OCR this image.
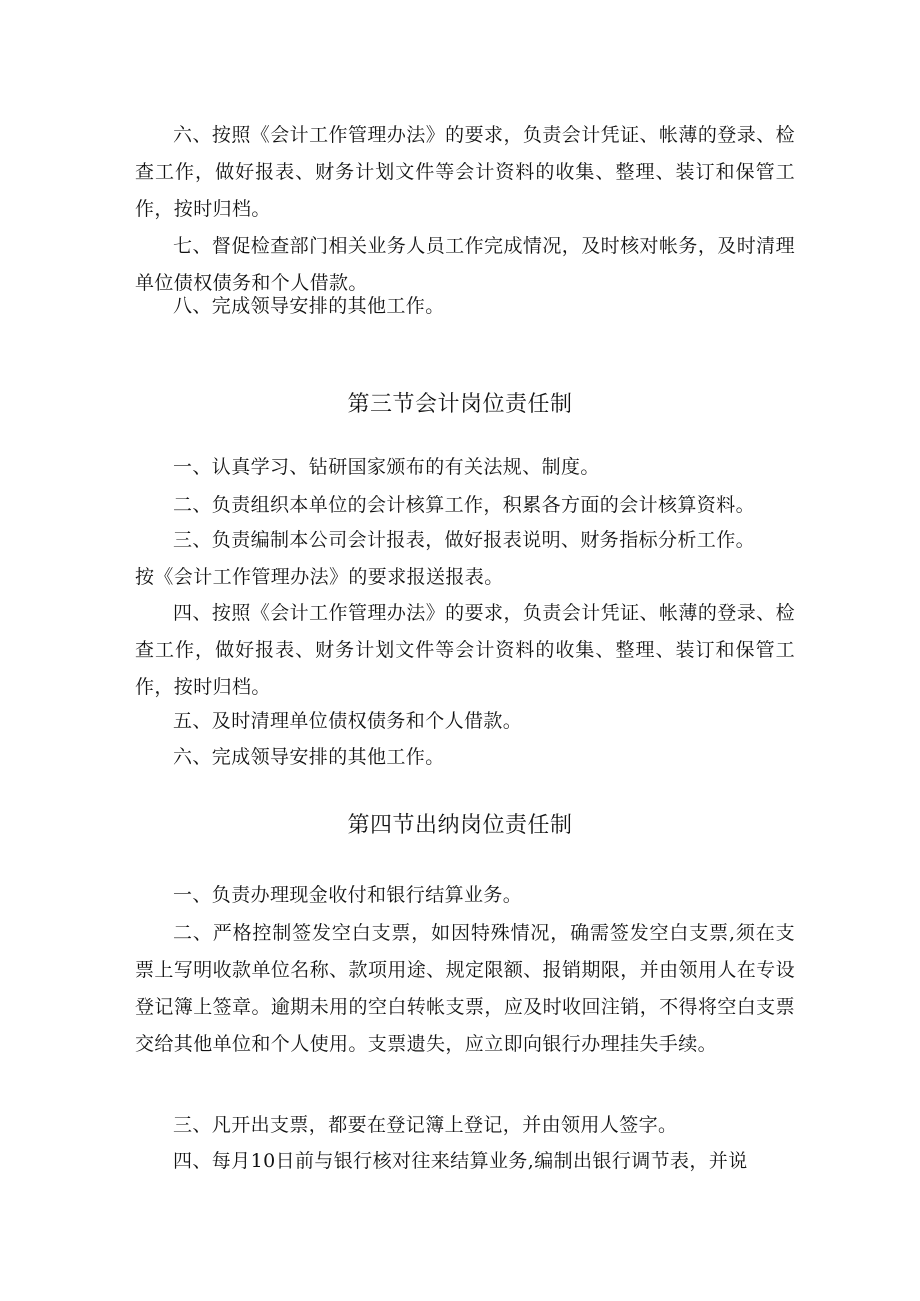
六、按照《会计工作管理办法》的要求，负责会计凭证、帐薄的登录、检查工作，做好报表、财务计划文件等会计资料的收集、整理、装订和保管工作，按时归档。

七、督促检查部门相关业务人员工作完成情况，及时核对帐务，及时清理单位债权债务和个人借款。

八、完成领导安排的其他工作。

第三节会计岗位责任制

一、认真学习、钻研国家颁布的有关法规、制度。

二、负责组织本单位的会计核算工作，积累各方面的会计核算资料。

三、负责编制本公司会计报表，做好报表说明、财务指标分析工作。

按《会计工作管理办法》的要求报送报表。

四、按照《会计工作管理办法》的要求，负责会计凭证、帐薄的登录、检查工作，做好报表、财务计划文件等会计资料的收集、整理、装订和保管工作，按时归档。

五、及时清理单位债权债务和个人借款。

六、完成领导安排的其他工作。

第四节出纳岗位责任制

一、负责办理现金收付和银行结算业务。

二、严格控制签发空白支票，如因特殊情况，确需签发空白支票,须在支票上写明收款单位名称、款项用途、规定限额、报销期限，并由领用人在专设登记簿上签章。逾期未用的空白转帐支票，应及时收回注销，不得将空白支票交给其他单位和个人使用。支票遗失，应立即向银行办理挂失手续。

三、凡开出支票，都要在登记簿上登记，并由领用人签字。

四、每月10日前与银行核对往来结算业务,编制出银行调节表，并说
